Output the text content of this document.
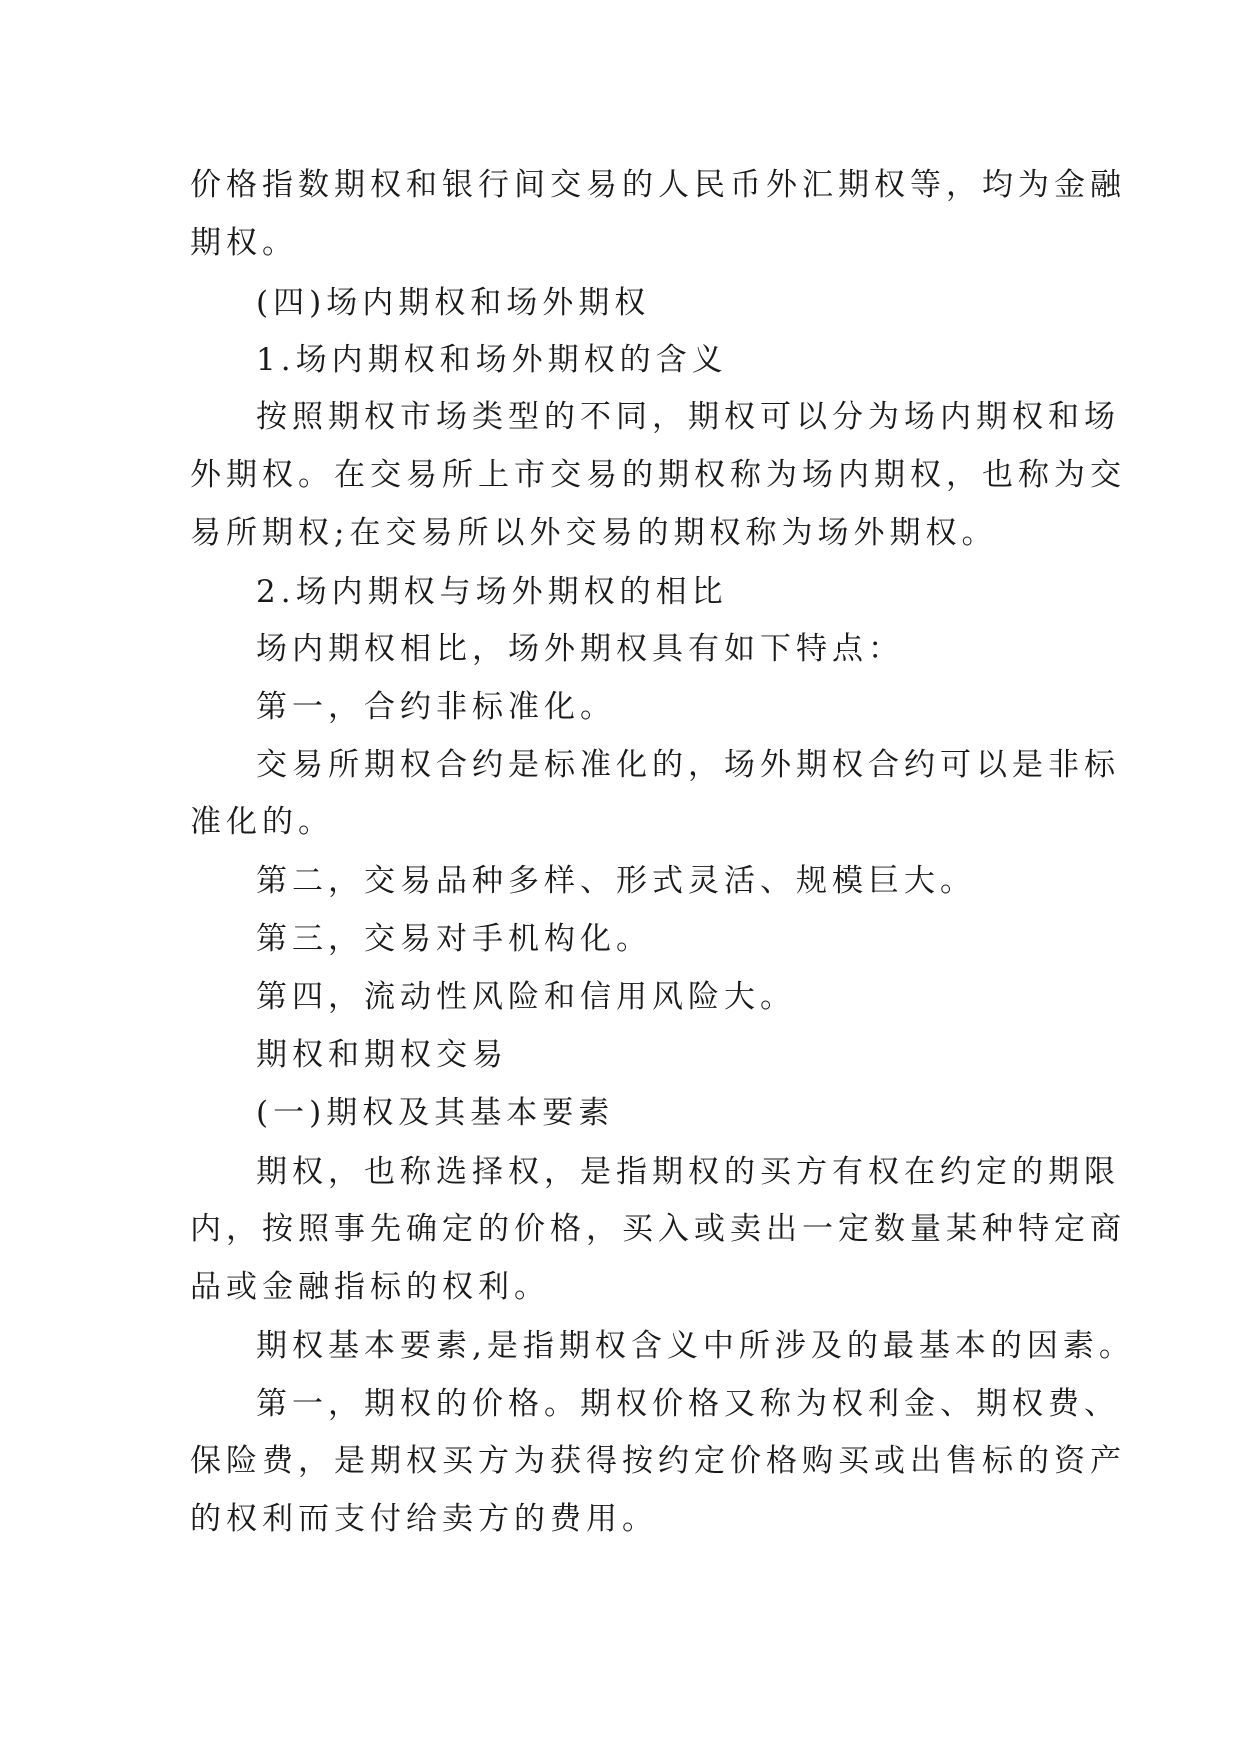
价格指数期权和银行间交易的人民币外汇期权等，均为金融

期权。

(四)场内期权和场外期权

1.场内期权和场外期权的含义

按照期权市场类型的不同，期权可以分为场内期权和场

外期权。在交易所上市交易的期权称为场内期权，也称为交

易所期权;在交易所以外交易的期权称为场外期权。

2.场内期权与场外期权的相比

场内期权相比，场外期权具有如下特点：

第一，合约非标准化。

交易所期权合约是标准化的，场外期权合约可以是非标

准化的。

第二，交易品种多样、形式灵活、规模巨大。

第三，交易对手机构化。

第四，流动性风险和信用风险大。

期权和期权交易

(一)期权及其基本要素

期权，也称选择权，是指期权的买方有权在约定的期限

内，按照事先确定的价格，买入或卖出一定数量某种特定商

品或金融指标的权利。

期权基本要素,是指期权含义中所涉及的最基本的因素。

第一，期权的价格。期权价格又称为权利金、期权费、

保险费，是期权买方为获得按约定价格购买或出售标的资产

的权利而支付给卖方的费用。
